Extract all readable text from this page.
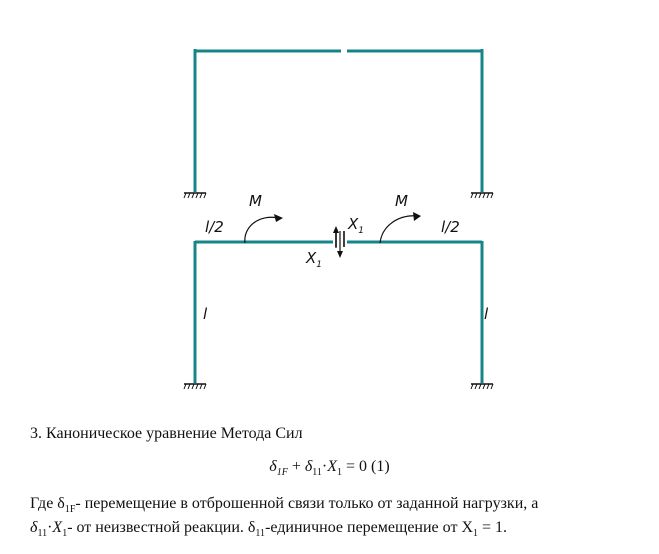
M	M
l/2	l/2
l	l
$X_1$
$X_1$
3. Каноническое уравнение Метода Сил
$\delta_{1F} + \delta_{11}\cdot X_1 = 0$ (1)
Где $\delta_{1F}-$ перемещение в отброшенной связи только от заданной нагрузки, а
$\delta_{11}\cdot X_1-$ от неизвестной реакции. $\delta_{11}$-единичное перемещение от $X_1 = 1$.
